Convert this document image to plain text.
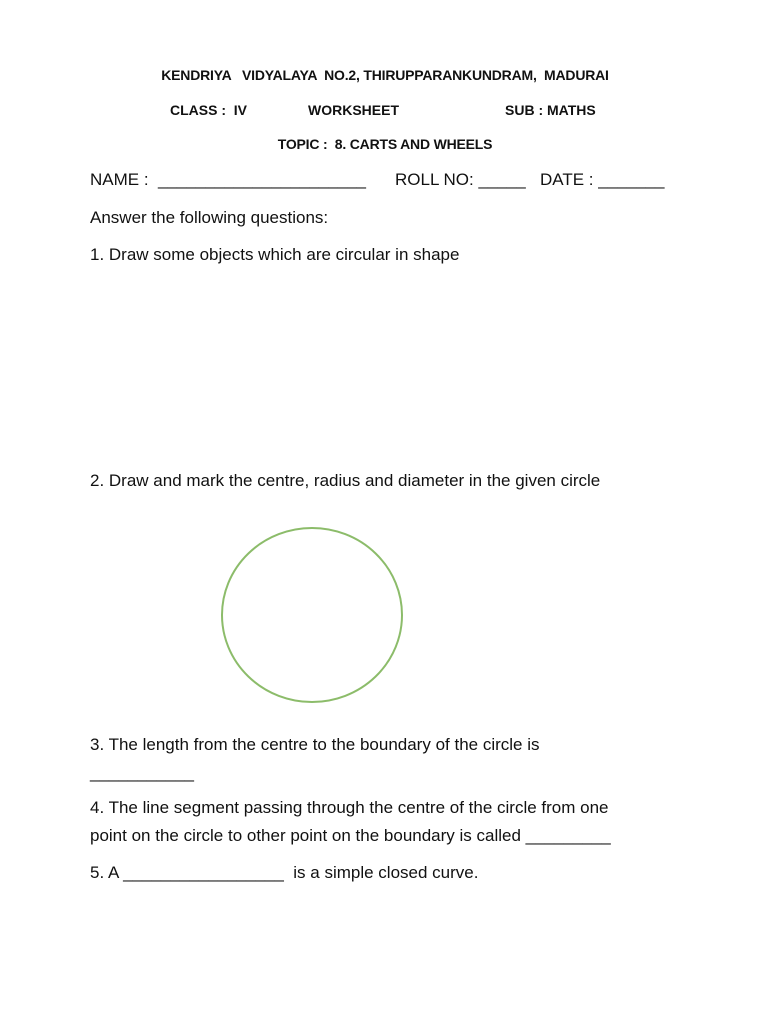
KENDRIYA   VIDYALAYA  NO.2, THIRUPPARANKUNDRAM,  MADURAI
CLASS :  IV	WORKSHEET	SUB : MATHS
TOPIC :  8. CARTS AND WHEELS
NAME :  ______________________ ROLL NO: _____ DATE : _______
Answer the following questions:
1. Draw some objects which are circular in shape
2. Draw and mark the centre, radius and diameter in the given circle
3. The length from the centre to the boundary of the circle is
___________
4. The line segment passing through the centre of the circle from one
point on the circle to other point on the boundary is called _________
5. A _________________  is a simple closed curve.
